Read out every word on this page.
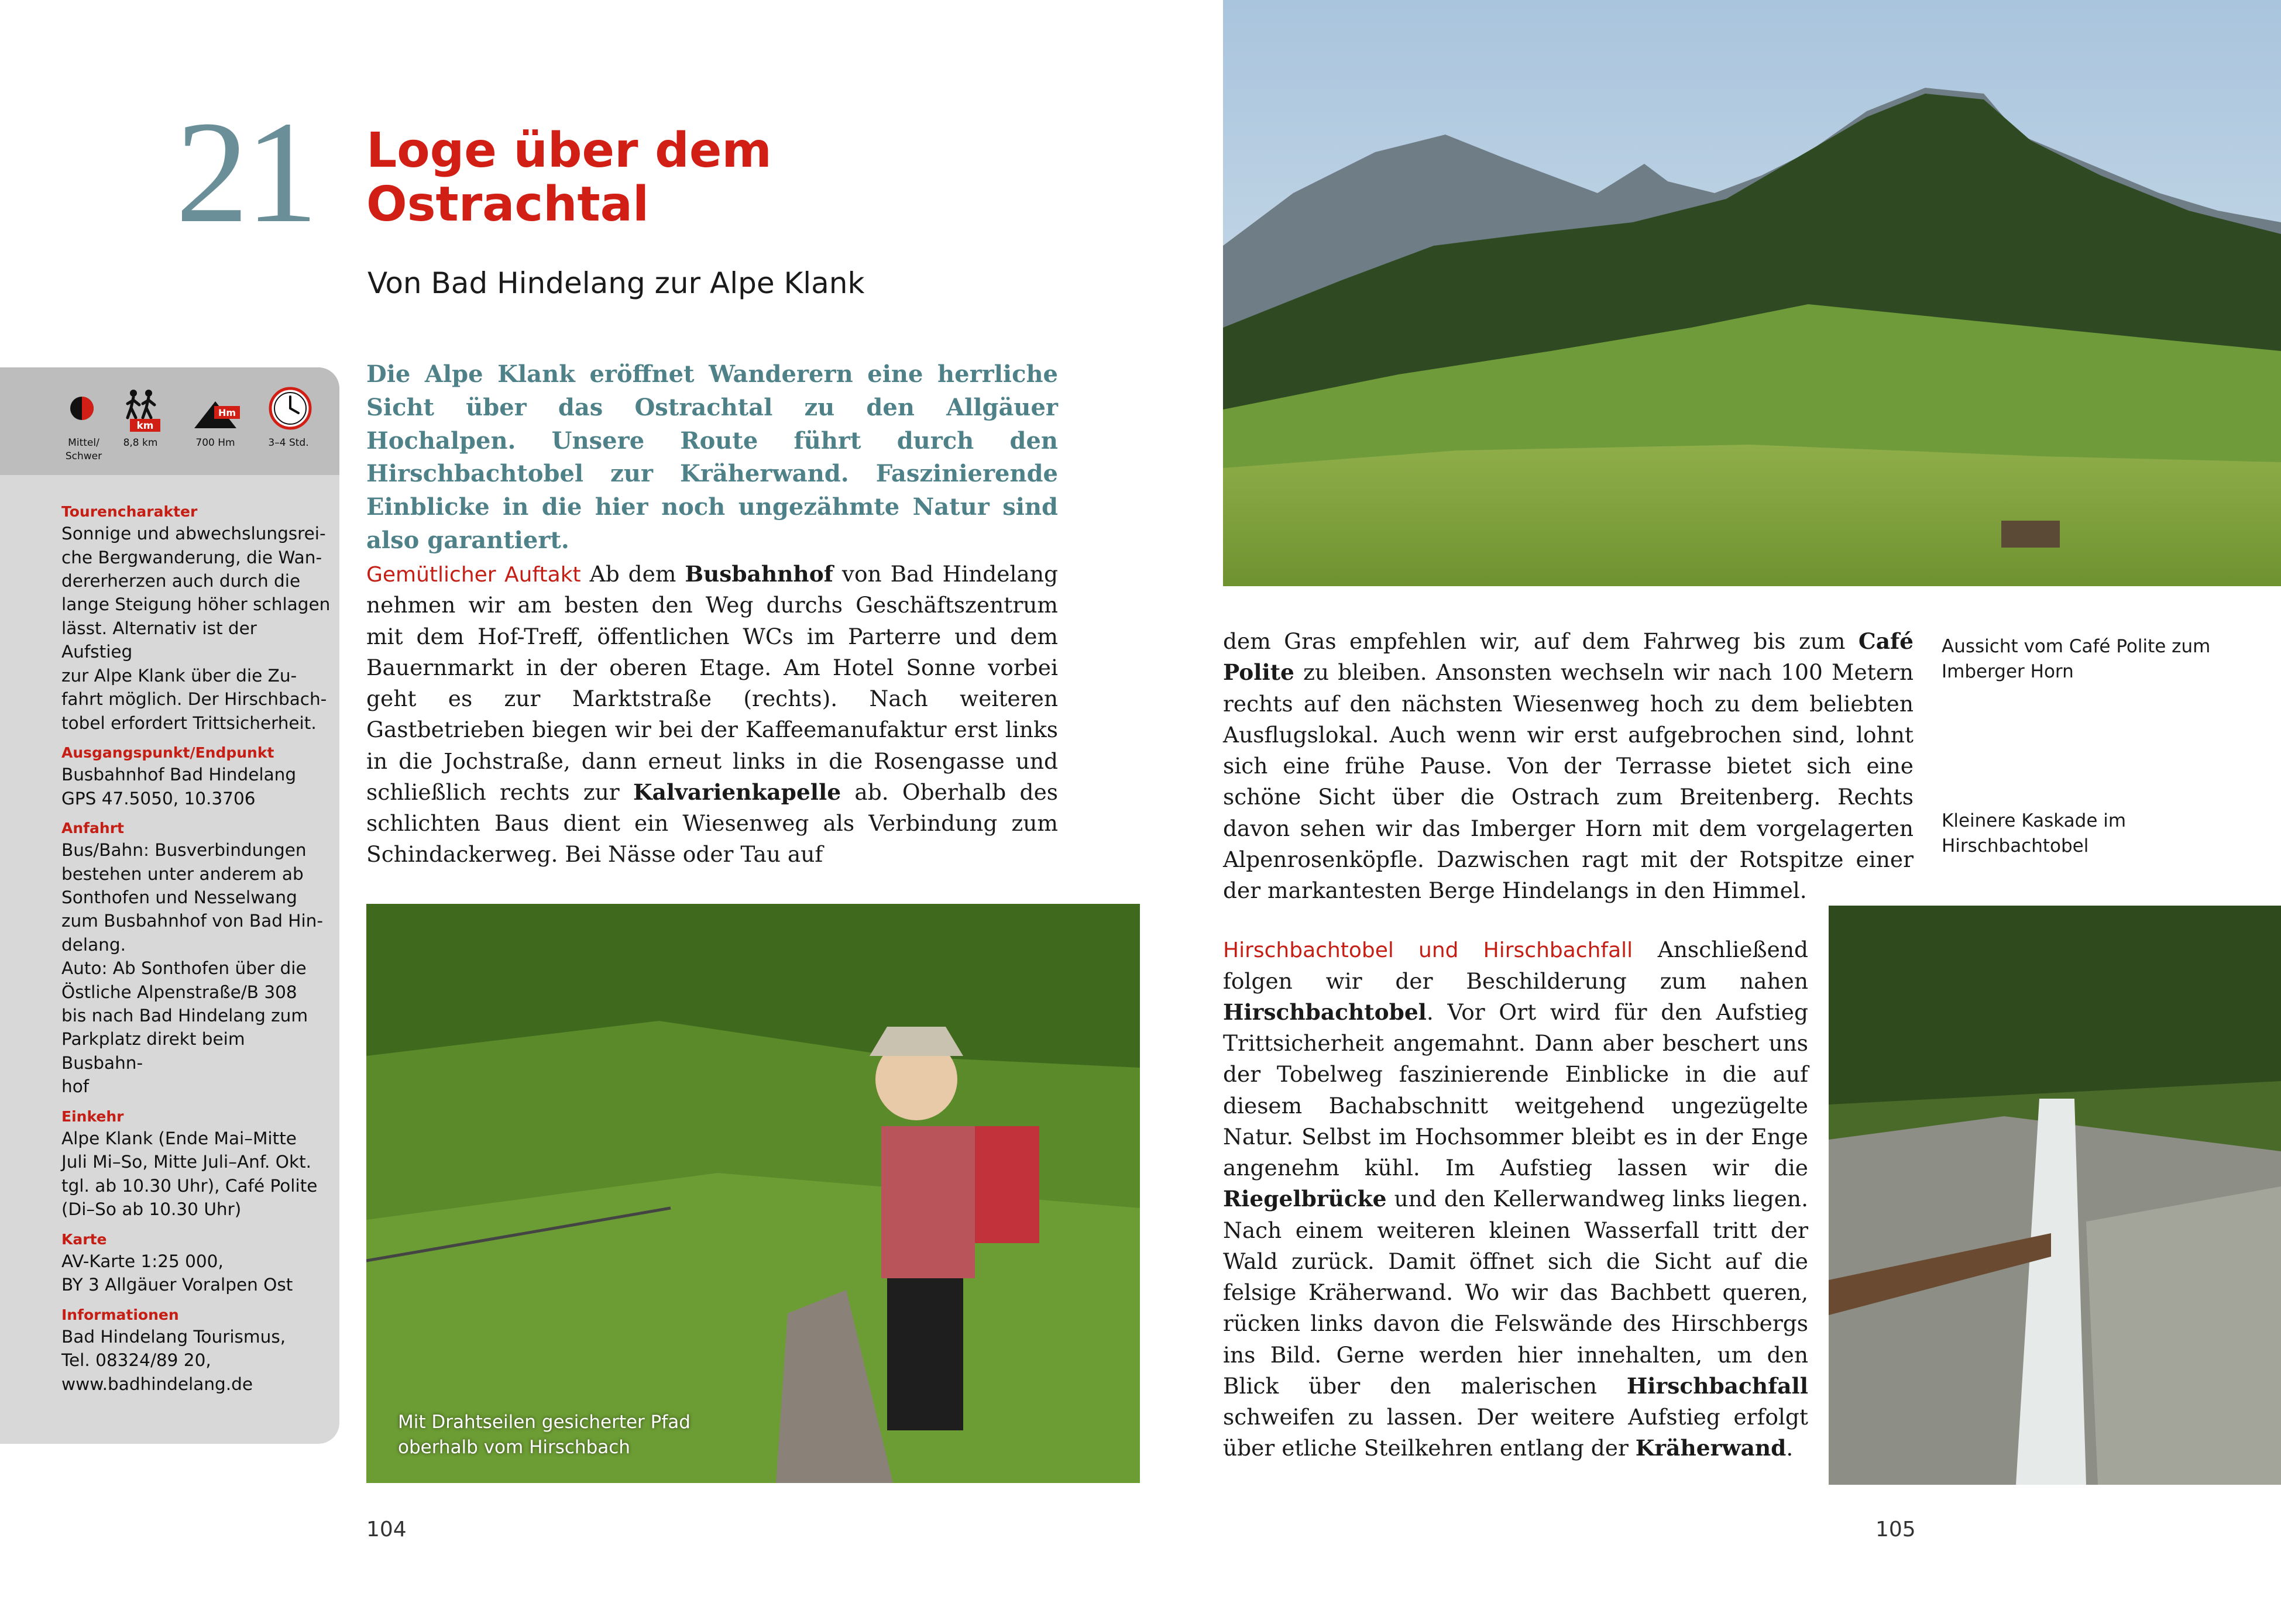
21	Loge über dem
Ostrachtal
Von Bad Hindelang zur Alpe Klank
Mittel/ Schwer
km
8,8 km
Hm
700 Hm	3–4 Std.
Tourencharakter
Sonnige und abwechslungsrei-
che Bergwanderung, die Wan-
dererherzen auch durch die
lange Steigung höher schlagen
lässt. Alternativ ist der Aufstieg
zur Alpe Klank über die Zu-
fahrt möglich. Der Hirschbach-
tobel erfordert Trittsicherheit.
Ausgangspunkt/Endpunkt
Busbahnhof Bad Hindelang
GPS 47.5050, 10.3706
Anfahrt
Bus/Bahn: Busverbindungen
bestehen unter anderem ab
Sonthofen und Nesselwang
zum Busbahnhof von Bad Hin-
delang.
Auto: Ab Sonthofen über die
Östliche Alpenstraße/B 308
bis nach Bad Hindelang zum
Parkplatz direkt beim Busbahn-
hof
Einkehr
Alpe Klank (Ende Mai–Mitte
Juli Mi–So, Mitte Juli–Anf. Okt.
tgl. ab 10.30 Uhr), Café Polite
(Di–So ab 10.30 Uhr)
Karte
AV-Karte 1:25 000,
BY 3 Allgäuer Voralpen Ost
Informationen
Bad Hindelang Tourismus,
Tel. 08324/89 20,
www.badhindelang.de
Die Alpe Klank eröffnet Wanderern eine herrliche Sicht über das Ostrachtal zu den Allgäuer Hochalpen. Unsere Route führt durch den Hirschbachtobel zur Kräherwand. Faszinierende Einblicke in die hier noch ungezähmte Natur sind also garantiert.
Gemütlicher Auftakt Ab dem Busbahnhof von Bad Hindelang nehmen wir am besten den Weg durchs Geschäftszentrum mit dem Hof-Treff, öffentlichen WCs im Parterre und dem Bauernmarkt in der oberen Etage. Am Hotel Sonne vorbei geht es zur Marktstraße (rechts). Nach weiteren Gastbetrieben biegen wir bei der Kaffeemanufaktur erst links in die Jochstraße, dann erneut links in die Rosengasse und schließlich rechts zur Kalvarienkapelle ab. Oberhalb des schlichten Baus dient ein Wiesenweg als Verbindung zum Schindackerweg. Bei Nässe oder Tau auf
dem Gras empfehlen wir, auf dem Fahrweg bis zum Café Polite zu bleiben. Ansonsten wechseln wir nach 100 Metern rechts auf den nächsten Wiesenweg hoch zu dem beliebten Ausflugslokal. Auch wenn wir erst aufgebrochen sind, lohnt sich eine frühe Pause. Von der Terrasse bietet sich eine schöne Sicht über die Ostrach zum Breitenberg. Rechts davon sehen wir das Imberger Horn mit dem vorgelagerten Alpenrosenköpfle. Dazwischen ragt mit der Rotspitze einer der markantesten Berge Hindelangs in den Himmel.
Hirschbachtobel und Hirschbachfall Anschließend folgen wir der Beschilderung zum nahen Hirschbachtobel. Vor Ort wird für den Aufstieg Trittsicherheit angemahnt. Dann aber beschert uns der Tobelweg faszinierende Einblicke in die auf diesem Bachabschnitt weitgehend ungezügelte Natur. Selbst im Hochsommer bleibt es in der Enge angenehm kühl. Im Aufstieg lassen wir die Riegelbrücke und den Kellerwandweg links liegen. Nach einem weiteren kleinen Wasserfall tritt der Wald zurück. Damit öffnet sich die Sicht auf die felsige Kräherwand. Wo wir das Bachbett queren, rücken links davon die Felswände des Hirschbergs ins Bild. Gerne werden hier innehalten, um den Blick über den malerischen Hirschbachfall schweifen zu lassen. Der weitere Aufstieg erfolgt über etliche Steilkehren entlang der Kräherwand.
Mit Drahtseilen gesicherter Pfad oberhalb vom Hirschbach
Aussicht vom Café Polite zum Imberger Horn
Kleinere Kaskade im Hirschbachtobel
104	105
